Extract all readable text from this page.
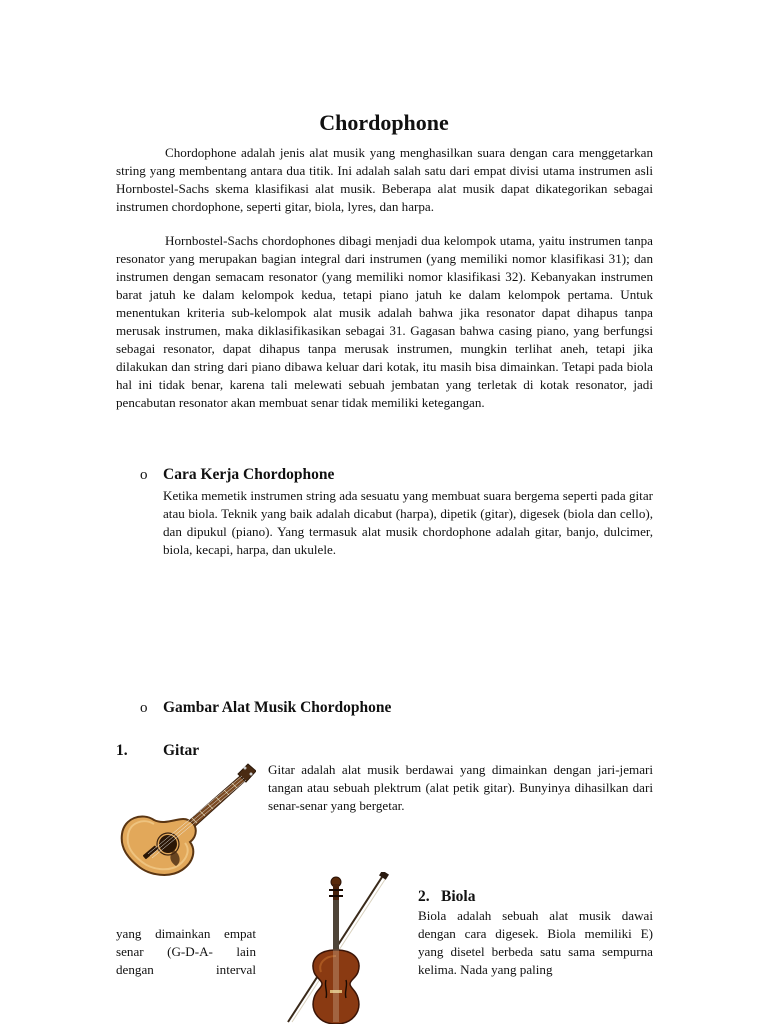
Chordophone

Chordophone adalah jenis alat musik yang menghasilkan suara dengan cara menggetarkan string yang membentang antara dua titik. Ini adalah salah satu dari empat divisi utama instrumen asli Hornbostel-Sachs skema klasifikasi alat musik. Beberapa alat musik dapat dikategorikan sebagai instrumen chordophone, seperti gitar, biola, lyres, dan harpa.

Hornbostel-Sachs chordophones dibagi menjadi dua kelompok utama, yaitu instrumen tanpa resonator yang merupakan bagian integral dari instrumen (yang memiliki nomor klasifikasi 31); dan instrumen dengan semacam resonator (yang memiliki nomor klasifikasi 32). Kebanyakan instrumen barat jatuh ke dalam kelompok kedua, tetapi piano jatuh ke dalam kelompok pertama. Untuk menentukan kriteria sub-kelompok alat musik adalah bahwa jika resonator dapat dihapus tanpa merusak instrumen, maka diklasifikasikan sebagai 31. Gagasan bahwa casing piano, yang berfungsi sebagai resonator, dapat dihapus tanpa merusak instrumen, mungkin terlihat aneh, tetapi jika dilakukan dan string dari piano dibawa keluar dari kotak, itu masih bisa dimainkan. Tetapi pada biola hal ini tidak benar, karena tali melewati sebuah jembatan yang terletak di kotak resonator, jadi pencabutan resonator akan membuat senar tidak memiliki ketegangan.

o Cara Kerja Chordophone
Ketika memetik instrumen string ada sesuatu yang membuat suara bergema seperti pada gitar atau biola. Teknik yang baik adalah dicabut (harpa), dipetik (gitar), digesek (biola dan cello), dan dipukul (piano). Yang termasuk alat musik chordophone adalah gitar, banjo, dulcimer, biola, kecapi, harpa, dan ukulele.
o Gambar Alat Musik Chordophone
1. Gitar
Gitar adalah alat musik berdawai yang dimainkan dengan jari-jemari tangan atau sebuah plektrum (alat petik gitar). Bunyinya dihasilkan dari senar-senar yang bergetar.
2. Biola
Biola adalah sebuah alat musik dawai dengan cara digesek. Biola memiliki E) yang disetel berbeda satu sama sempurna kelima. Nada yang paling
yang dimainkan empat senar (G-D-A- lain dengan interval
